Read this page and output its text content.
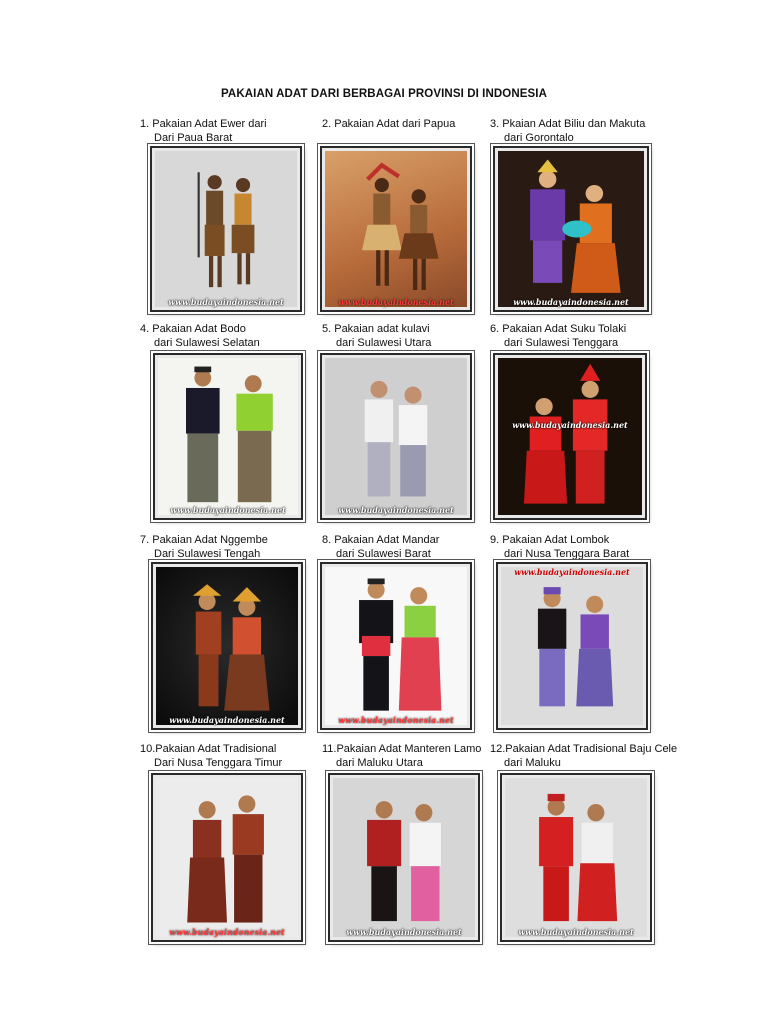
PAKAIAN ADAT DARI BERBAGAI PROVINSI DI INDONESIA
1. Pakaian Adat Ewer dari
Dari Paua Barat
www.budayaindonesia.net
2. Pakaian Adat dari Papua
www.budayaindonesia.net
3. Pkaian Adat Biliu dan Makuta
dari Gorontalo
www.budayaindonesia.net
4. Pakaian Adat Bodo
dari Sulawesi Selatan
www.budayaindonesia.net
5. Pakaian adat kulavi
dari Sulawesi Utara
www.budayaindonesia.net
6. Pakaian Adat Suku Tolaki
dari Sulawesi Tenggara
www.budayaindonesia.net
7. Pakaian Adat Nggembe
Dari Sulawesi Tengah
www.budayaindonesia.net
8. Pakaian Adat Mandar
dari Sulawesi Barat
www.budayaindonesia.net
9. Pakaian Adat Lombok
dari Nusa Tenggara Barat
www.budayaindonesia.net
10.Pakaian Adat Tradisional
Dari Nusa Tenggara Timur
www.budayaindonesia.net
11.Pakaian Adat Manteren Lamo
dari Maluku Utara
www.budayaindonesia.net
12.Pakaian Adat Tradisional Baju Cele
dari Maluku
www.budayaindonesia.net
